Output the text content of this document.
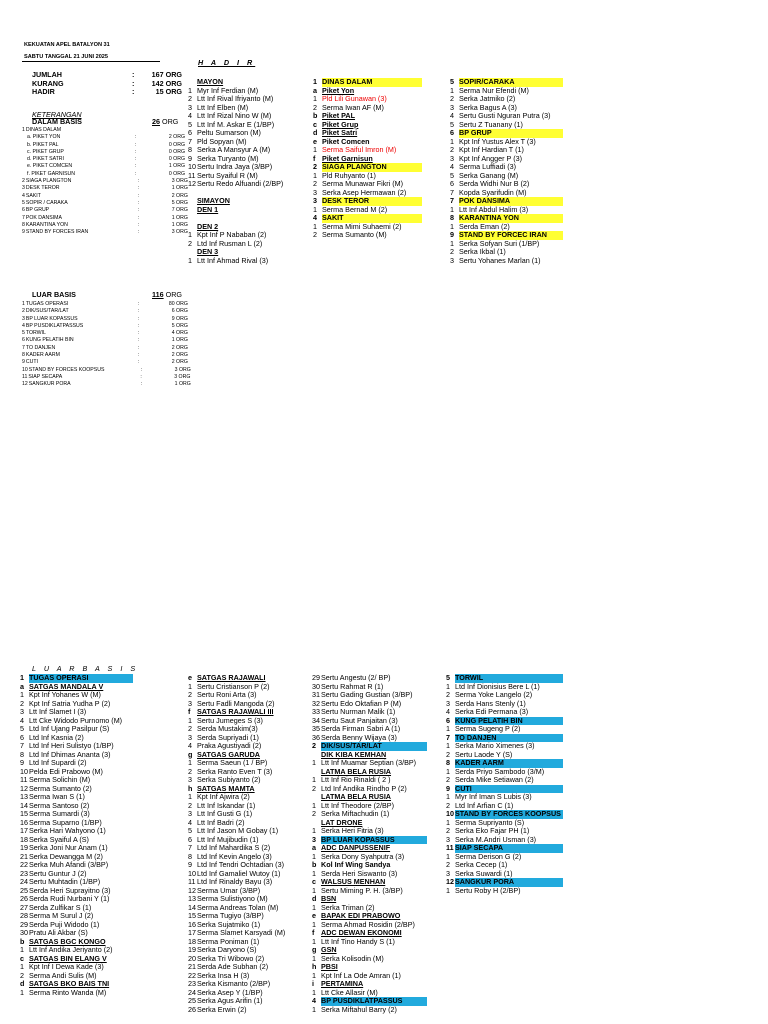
KEKUATAN APEL BATALYON 31
SABTU TANGGAL 21 JUNI 2025
JUMLAH	:	167 ORG
KURANG	:	142 ORG
HADIR	:	15 ORG
KETERANGAN
DALAM BASIS	26 ORG
1 DINAS DALAM
a. PIKET YON	:	2 ORG
b. PIKET PAL	:	0 ORG
c. PIKET GRUP	:	0 ORG
d. PIKET SATRI	:	0 ORG
e. PIKET COMCEN	:	1 ORG
f. PIKET GARNISUN	:	0 ORG
2 SIAGA PLANGTON	:	3 ORG
3 DESK TEROR	:	1 ORG
4 SAKIT	:	2 ORG
5 SOPIR / CARAKA	:	5 ORG
6 BP GRUP	:	7 ORG
7 POK DANSIMA	:	1 ORG
8 KARANTINA YON	:	1 ORG
9 STAND BY FORCES IRAN	:	3 ORG
LUAR BASIS	116 ORG
1 TUGAS OPERASI	:	80 ORG
2 DIK/SUS/TAR/LAT	:	6 ORG
3 BP LUAR KOPASSUS	:	9 ORG
4 BP PUSDIKLATPASSUS	:	5 ORG
5 TORWIL	:	4 ORG
6 KUNG PELATIH BIN	:	1 ORG
7 TO DANJEN	:	2 ORG
8 KADER AARM	:	2 ORG
9 CUTI	:	2 ORG
10 STAND BY FORCES KOOPSUS	:	3 ORG
11 SIAP SECAPA	:	3 ORG
12 SANGKUR PORA	:	1 ORG
H A D I R
MAYON
1 Myr Inf Ferdian (M)
2 Ltt Inf Rival Ifriyanto (M)
3 Ltt Inf Elben (M)
4 Ltt Inf Rizal Nino W (M)
5 Ltt Inf M. Askar E (1/BP)
6 Peltu Sumarson (M)
7 Pld Sopyan (M)
8 Serka A Mansyur A (M)
9 Serka Turyanto (M)
10 Sertu Indra Jaya (3/BP)
11 Sertu Syaiful R (M)
12 Sertu Redo Alfuandi (2/BP)
SIMAYON
DEN 1
DEN 2
1 Kpt Inf P Nababan (2)
2 Ltd Inf Rusman L (2)
DEN 3
1 Ltt Inf Ahmad Rival (3)
1 DINAS DALAM
a Piket Yon
1 Pld Lili Gunawan (3)
2 Serma Iwan AF (M)
b Piket PAL
c Piket Grup
d Piket Satri
e Piket Comcen
1 Serma Saiful Imron (M)
f Piket Garnisun
2 SIAGA PLANGTON
1 Pld Ruhyanto (1)
2 Serma Munawar Fikri (M)
3 Serka Asep Hermawan (2)
3 DESK TEROR
1 Serma Bernad M (2)
4 SAKIT
1 Serma Mimi Suhaemi (2)
2 Serma Sumanto (M)
5 SOPIR/CARAKA
1 Serma Nur Efendi (M)
2 Serka Jatmiko (2)
3 Serka Bagus A (3)
4 Sertu Gusti Nguran Putra (3)
5 Sertu Z Tuanany (1)
6 BP GRUP
1 Kpt Inf Yustus Alex T (3)
2 Kpt Inf Hardian T (1)
3 Kpt Inf Angger P (3)
4 Serma Luffiadi (3)
5 Serka Ganang (M)
6 Serda Widhi Nur B (2)
7 Kopda Syarifudin (M)
7 POK DANSIMA
1 Ltt Inf Abdul Halim (3)
8 KARANTINA YON
1 Serda Eman (2)
9 STAND BY FORCEC IRAN
1 Serka Sofyan Suri (1/BP)
2 Serka Ikbal (1)
3 Sertu Yohanes Marlan (1)
L U A R B A S I S
1 TUGAS OPERASI
a SATGAS MANDALA V
1 Kpt Inf Yohanes W (M)
2 Kpt Inf Satria Yudha P (2)
3 Ltt Inf Slamet I (3)
4 Ltt Cke Widodo Purnomo (M)
5 Ltd Inf Ujang Pasilpur (S)
6 Ltd Inf Kasnia (2)
7 Ltd Inf Heri Sulistyo (1/BP)
8 Ltd Inf Dhimas Ananta (3)
9 Ltd Inf Supardi (2)
10 Pelda Edi Prabowo (M)
11 Serma Solichin (M)
12 Serma Sumanto (2)
13 Serma Iwan S (1)
14 Serma Santoso (2)
15 Serma Sumardi (3)
16 Serma Suparno (1/BP)
17 Serka Hari Wahyono (1)
18 Serka Syaiful A (S)
19 Serka Joni Nur Anam (1)
21 Serka Dewangga M (2)
22 Serka Muh Afandi (3/BP)
23 Sertu Guntur J (2)
24 Sertu Muhtadin (1/BP)
25 Serda Heri Suprayitno (3)
26 Serda Rudi Nurbani Y (1)
27 Serda Zulfikar S (1)
28 Serma M Surul J (2)
29 Serda Puji Widodo (1)
30 Pratu Ali Akbar (S)
b SATGAS BGC KONGO
1 Ltt Inf Andika Jeriyanto (2)
c SATGAS BIN ELANG V
1 Kpt Inf I Dewa Kade (3)
2 Serma Andi Sulis (M)
d SATGAS BKO BAIS TNI
1 Serma Rinto Wanda (M)
e SATGAS RAJAWALI
1 Sertu Cristianson P (2)
2 Sertu Roni Arta (3)
3 Sertu Fadli Mangoda (2)
f SATGAS RAJAWALI III
1 Sertu Jumeges S (3)
2 Serda Mustakim(3)
3 Serda Supriyadi (1)
4 Praka Agustiyadi (2)
g SATGAS GARUDA
1 Serma Saeun (1 / BP)
2 Serka Ranto Even T (3)
3 Serka Subiyanto (2)
h SATGAS MAMTA
1 Kpt Inf Ajwira (2)
2 Ltt Inf Iskandar (1)
3 Ltt Inf Gusti G (1)
4 Ltt Inf Badri (2)
5 Ltt Inf Jason M Gobay (1)
6 Ltt Inf Mujibudin (1)
7 Ltd Inf Mahardika S (2)
8 Ltd Inf Kevin Angelo (3)
9 Ltd Inf Tendri Ochtadian (3)
10 Ltd Inf Gamaliel Wutoy (1)
11 Ltd Inf Rinaldy Bayu (3)
12 Serma Umar (3/BP)
13 Serma Sulistiyono (M)
14 Serma Andreas Tolan (M)
15 Serma Tugiyo (3/BP)
16 Serka Sujatmiko (1)
17 Serma Slamet Karsyadi (M)
18 Serma Poniman (1)
19 Serka Daryono (S)
20 Serka Tri Wibowo (2)
21 Serda Ade Subhan (2)
22 Serka Insa H (3)
23 Serka Kismanto (2/BP)
24 Serka Asep Y (1/BP)
25 Serka Agus Arifin (1)
26 Serka Erwin (2)
29 Sertu Angestu (2/ BP)
30 Sertu Rahmat R (1)
31 Sertu Gading Gustian (3/BP)
32 Sertu Edo Oktafian P (M)
33 Sertu Nurman Malik (1)
34 Sertu Saut Panjaitan (3)
35 Serda Firman Sabri A (1)
36 Serda Benny Wijaya (3)
2 DIK/SUS/TAR/LAT
DIK KIBA KEMHAN
1 Ltt Inf Muamar Septian (3/BP)
LATMA BELA RUSIA
1 Ltt Inf Rio Rinaldi ( 2 )
2 Ltd Inf Andika Rindho P (2)
LATMA BELA RUSIA
1 Ltt Inf Theodore (2/BP)
2 Serka Miftachudin (1)
LAT DRONE
1 Serka Heri Fitria (3)
3 BP LUAR KOPASSUS
a ADC DANPUSSENIF
1 Serka Dony Syahputra (3)
b Kol Inf Wing Sandya
1 Serda Heri Siswanto (3)
c WALSUS MENHAN
1 Sertu Miming P. H. (3/BP)
d BSN
1 Serka Triman (2)
e BAPAK EDI PRABOWO
1 Serma Ahmad Rosidin (2/BP)
f ADC DEWAN EKONOMI
1 Ltt Inf Tino Handy S (1)
g GSN
1 Serka Kolisodin (M)
h PBSI
1 Kpt Inf La Ode Amran (1)
i PERTAMINA
1 Ltt Cke Allasir (M)
4 BP PUSDIKLATPASSUS
1 Serka Miftahul Barry (2)
5 TORWIL
1 Ltd Inf Dionisius Bere L (1)
2 Serma Yoke Langelo (2)
3 Serda Hans Stenly (1)
4 Serka Edi Permana (3)
6 KUNG PELATIH BIN
1 Serma Sugeng P (2)
7 TO DANJEN
1 Serka Mario Ximenes (3)
2 Sertu Laode Y (S)
8 KADER AARM
1 Serda Priyo Sambodo (3/M)
2 Serda Mike Setiawan (2)
9 CUTI
1 Myr Inf Iman S Lubis (3)
2 Ltd Inf Arfian C (1)
10 STAND BY FORCES KOOPSUS
1 Serma Supriyanto (S)
2 Serka Eko Fajar PH (1)
3 Serka M.Andri Usman (3)
11 SIAP SECAPA
1 Serma Derison G (2)
2 Serka Cecep (1)
3 Serka Suwardi (1)
12 SANGKUR PORA
1 Sertu Roby H (2/BP)
